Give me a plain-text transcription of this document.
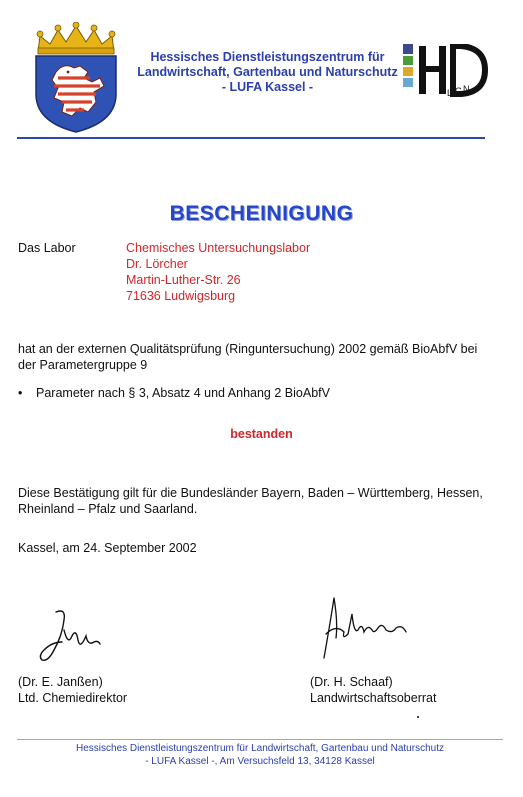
Hessisches Dienstleistungszentrum für
Landwirtschaft, Gartenbau und Naturschutz
- LUFA Kassel -	L G N
BESCHEINIGUNG
Das Labor	Chemisches Untersuchungslabor
Dr. Lörcher
Martin-Luther-Str. 26
71636 Ludwigsburg
hat an der externen Qualitätsprüfung (Ringuntersuchung) 2002 gemäß BioAbfV bei
der Parametergruppe 9
• Parameter nach § 3, Absatz 4 und Anhang 2 BioAbfV
bestanden
Diese Bestätigung gilt für die Bundesländer Bayern, Baden – Württemberg, Hessen,
Rheinland – Pfalz und Saarland.
Kassel, am 24. September 2002
(Dr. E. Janßen)
Ltd. Chemiedirektor
(Dr. H. Schaaf)
Landwirtschaftsoberrat
Hessisches Dienstleistungszentrum für Landwirtschaft, Gartenbau und Naturschutz
- LUFA Kassel -, Am Versuchsfeld 13, 34128 Kassel
